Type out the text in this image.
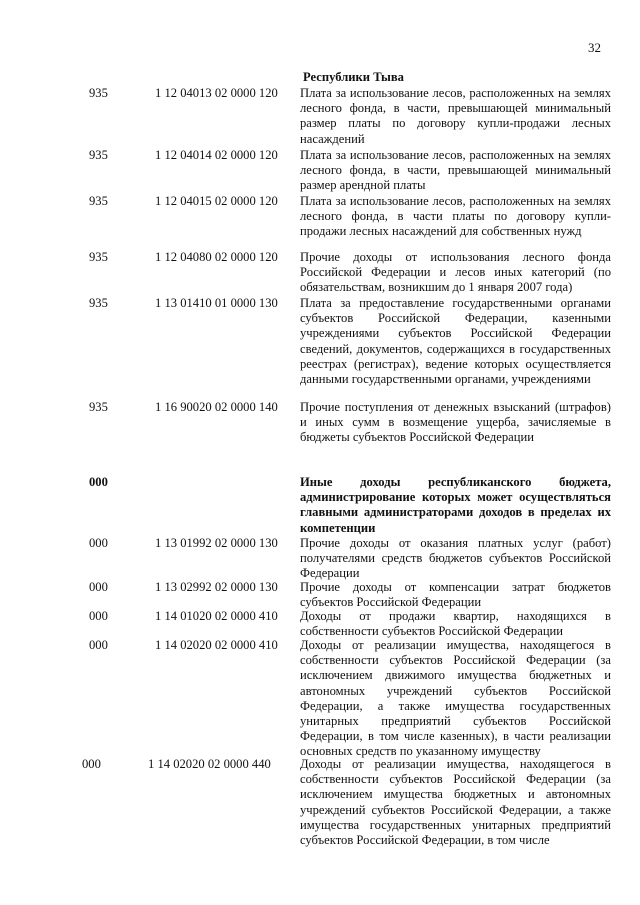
32
Республики Тыва
935	1 12 04013 02 0000 120 Плата за использование лесов, расположенных на землях лесного фонда, в части, превышающей минимальный размер платы по договору купли-продажи лесных насаждений
935	1 12 04014 02 0000 120 Плата за использование лесов, расположенных на землях лесного фонда, в части, превышающей минимальный размер арендной платы
935	1 12 04015 02 0000 120 Плата за использование лесов, расположенных на землях лесного фонда, в части платы по договору купли-продажи лесных насаждений для собственных нужд
935	1 12 04080 02 0000 120 Прочие доходы от использования лесного фонда Российской Федерации и лесов иных категорий (по обязательствам, возникшим до 1 января 2007 года)
935	1 13 01410 01 0000 130 Плата за предоставление государственными органами субъектов Российской Федерации, казенными учреждениями субъектов Российской Федерации сведений, документов, содержащихся в государственных реестрах (регистрах), ведение которых осуществляется данными государственными органами, учреждениями
935	1 16 90020 02 0000 140 Прочие поступления от денежных взысканий (штрафов) и иных сумм в возмещение ущерба, зачисляемые в бюджеты субъектов Российской Федерации
000	Иные доходы республиканского бюджета, администрирование которых может осуществляться главными администраторами доходов в пределах их компетенции
000	1 13 01992 02 0000 130 Прочие доходы от оказания платных услуг (работ) получателями средств бюджетов субъектов Российской Федерации
000	1 13 02992 02 0000 130 Прочие доходы от компенсации затрат бюджетов субъектов Российской Федерации
000	1 14 01020 02 0000 410 Доходы от продажи квартир, находящихся в собственности субъектов Российской Федерации
000	1 14 02020 02 0000 410 Доходы от реализации имущества, находящегося в собственности субъектов Российской Федерации (за исключением движимого имущества бюджетных и автономных учреждений субъектов Российской Федерации, а также имущества государственных унитарных предприятий субъектов Российской Федерации, в том числе казенных), в части реализации основных средств по указанному имуществу
000	1 14 02020 02 0000 440 Доходы от реализации имущества, находящегося в собственности субъектов Российской Федерации (за исключением имущества бюджетных и автономных учреждений субъектов Российской Федерации, а также имущества государственных унитарных предприятий субъектов Российской Федерации, в том числе
